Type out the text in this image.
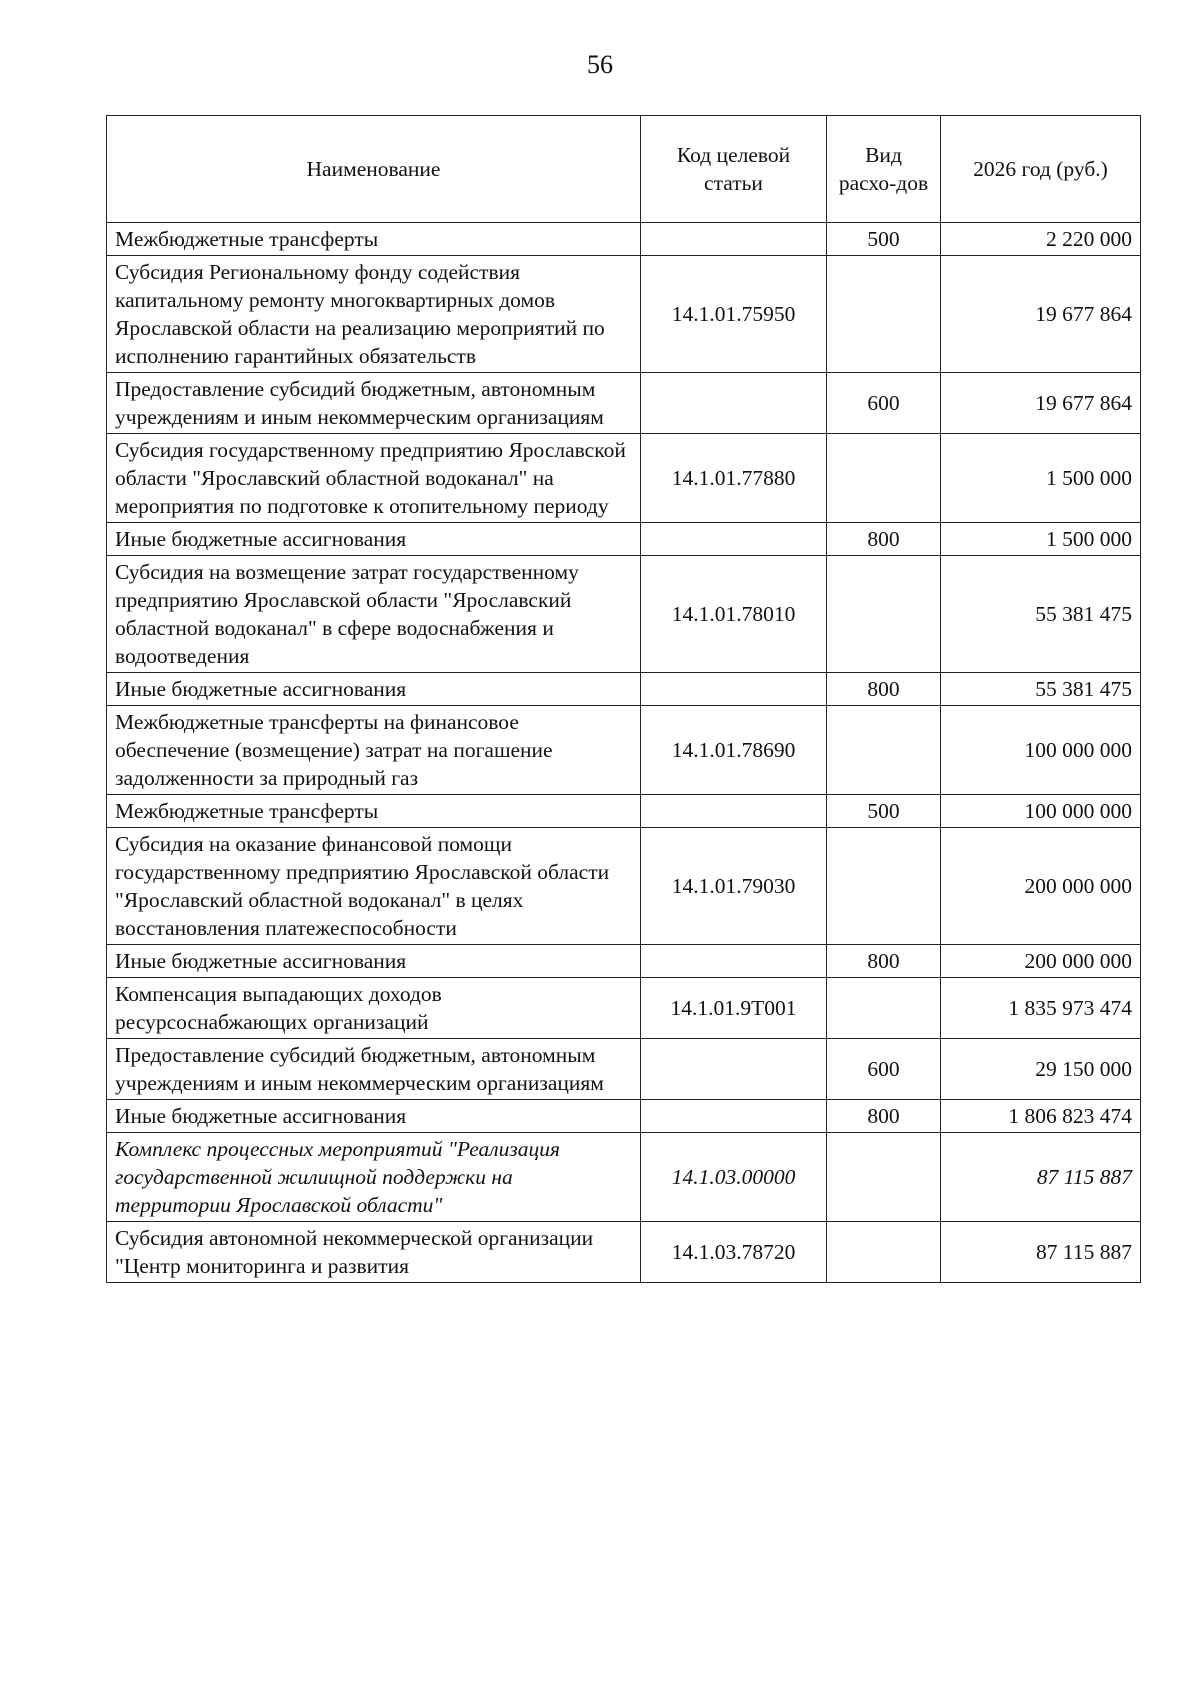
56
Наименование	Код целевой статьи	Вид расхо-дов	2026 год (руб.)
Межбюджетные трансферты		500	2 220 000
Субсидия Региональному фонду содействия капитальному ремонту многоквартирных домов Ярославской области на реализацию мероприятий по исполнению гарантийных обязательств	14.1.01.75950		19 677 864
Предоставление субсидий бюджетным, автономным учреждениям и иным некоммерческим организациям		600	19 677 864
Субсидия государственному предприятию Ярославской области "Ярославский областной водоканал" на мероприятия по подготовке к отопительному периоду	14.1.01.77880		1 500 000
Иные бюджетные ассигнования		800	1 500 000
Субсидия на возмещение затрат государственному предприятию Ярославской области "Ярославский областной водоканал" в сфере водоснабжения и водоотведения	14.1.01.78010		55 381 475
Иные бюджетные ассигнования		800	55 381 475
Межбюджетные трансферты на финансовое обеспечение (возмещение) затрат на погашение задолженности за природный газ	14.1.01.78690		100 000 000
Межбюджетные трансферты		500	100 000 000
Субсидия на оказание финансовой помощи государственному предприятию Ярославской области "Ярославский областной водоканал" в целях восстановления платежеспособности	14.1.01.79030		200 000 000
Иные бюджетные ассигнования		800	200 000 000
Компенсация выпадающих доходов ресурсоснабжающих организаций	14.1.01.9Т001		1 835 973 474
Предоставление субсидий бюджетным, автономным учреждениям и иным некоммерческим организациям		600	29 150 000
Иные бюджетные ассигнования		800	1 806 823 474
Комплекс процессных мероприятий "Реализация государственной жилищной поддержки на территории Ярославской области"	14.1.03.00000		87 115 887
Субсидия автономной некоммерческой организации "Центр мониторинга и развития	14.1.03.78720		87 115 887
